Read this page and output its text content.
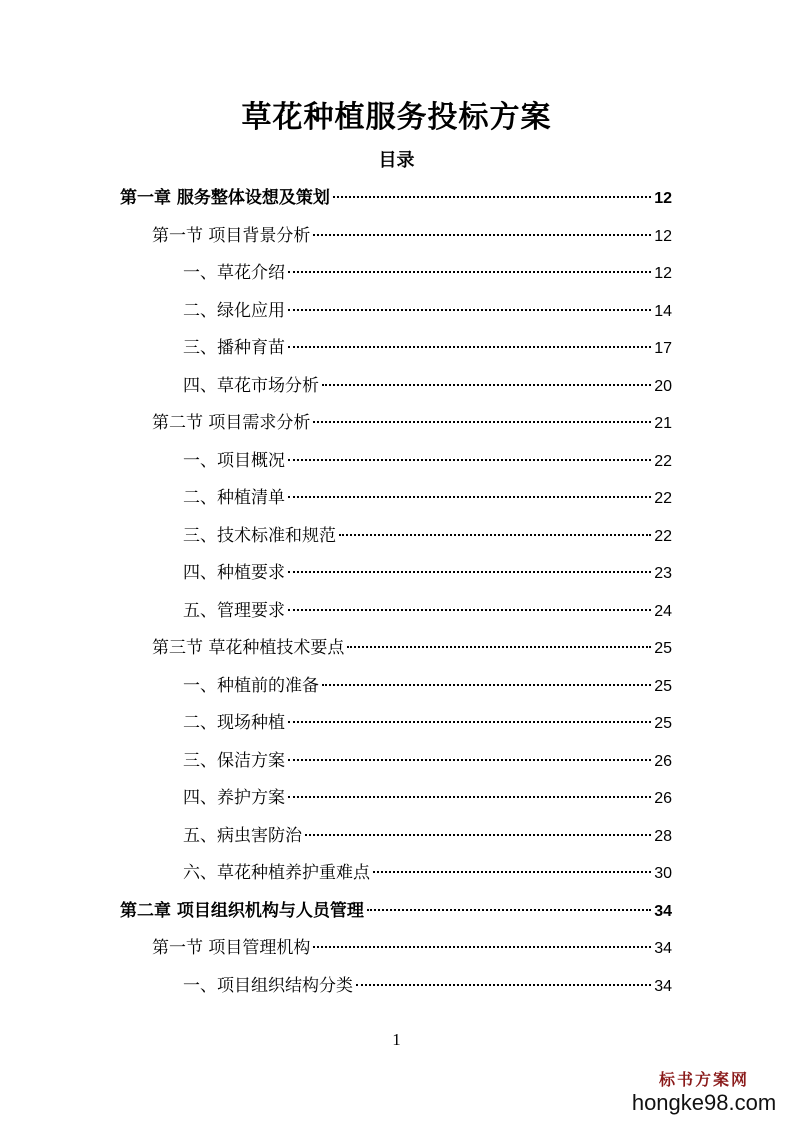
草花种植服务投标方案
目录
第一章 服务整体设想及策划	12
第一节 项目背景分析	12
一、草花介绍	12
二、绿化应用	14
三、播种育苗	17
四、草花市场分析	20
第二节 项目需求分析	21
一、项目概况	22
二、种植清单	22
三、技术标准和规范	22
四、种植要求	23
五、管理要求	24
第三节 草花种植技术要点	25
一、种植前的准备	25
二、现场种植	25
三、保洁方案	26
四、养护方案	26
五、病虫害防治	28
六、草花种植养护重难点	30
第二章 项目组织机构与人员管理	34
第一节 项目管理机构	34
一、项目组织结构分类	34
1
标书方案网
hongke98.com
